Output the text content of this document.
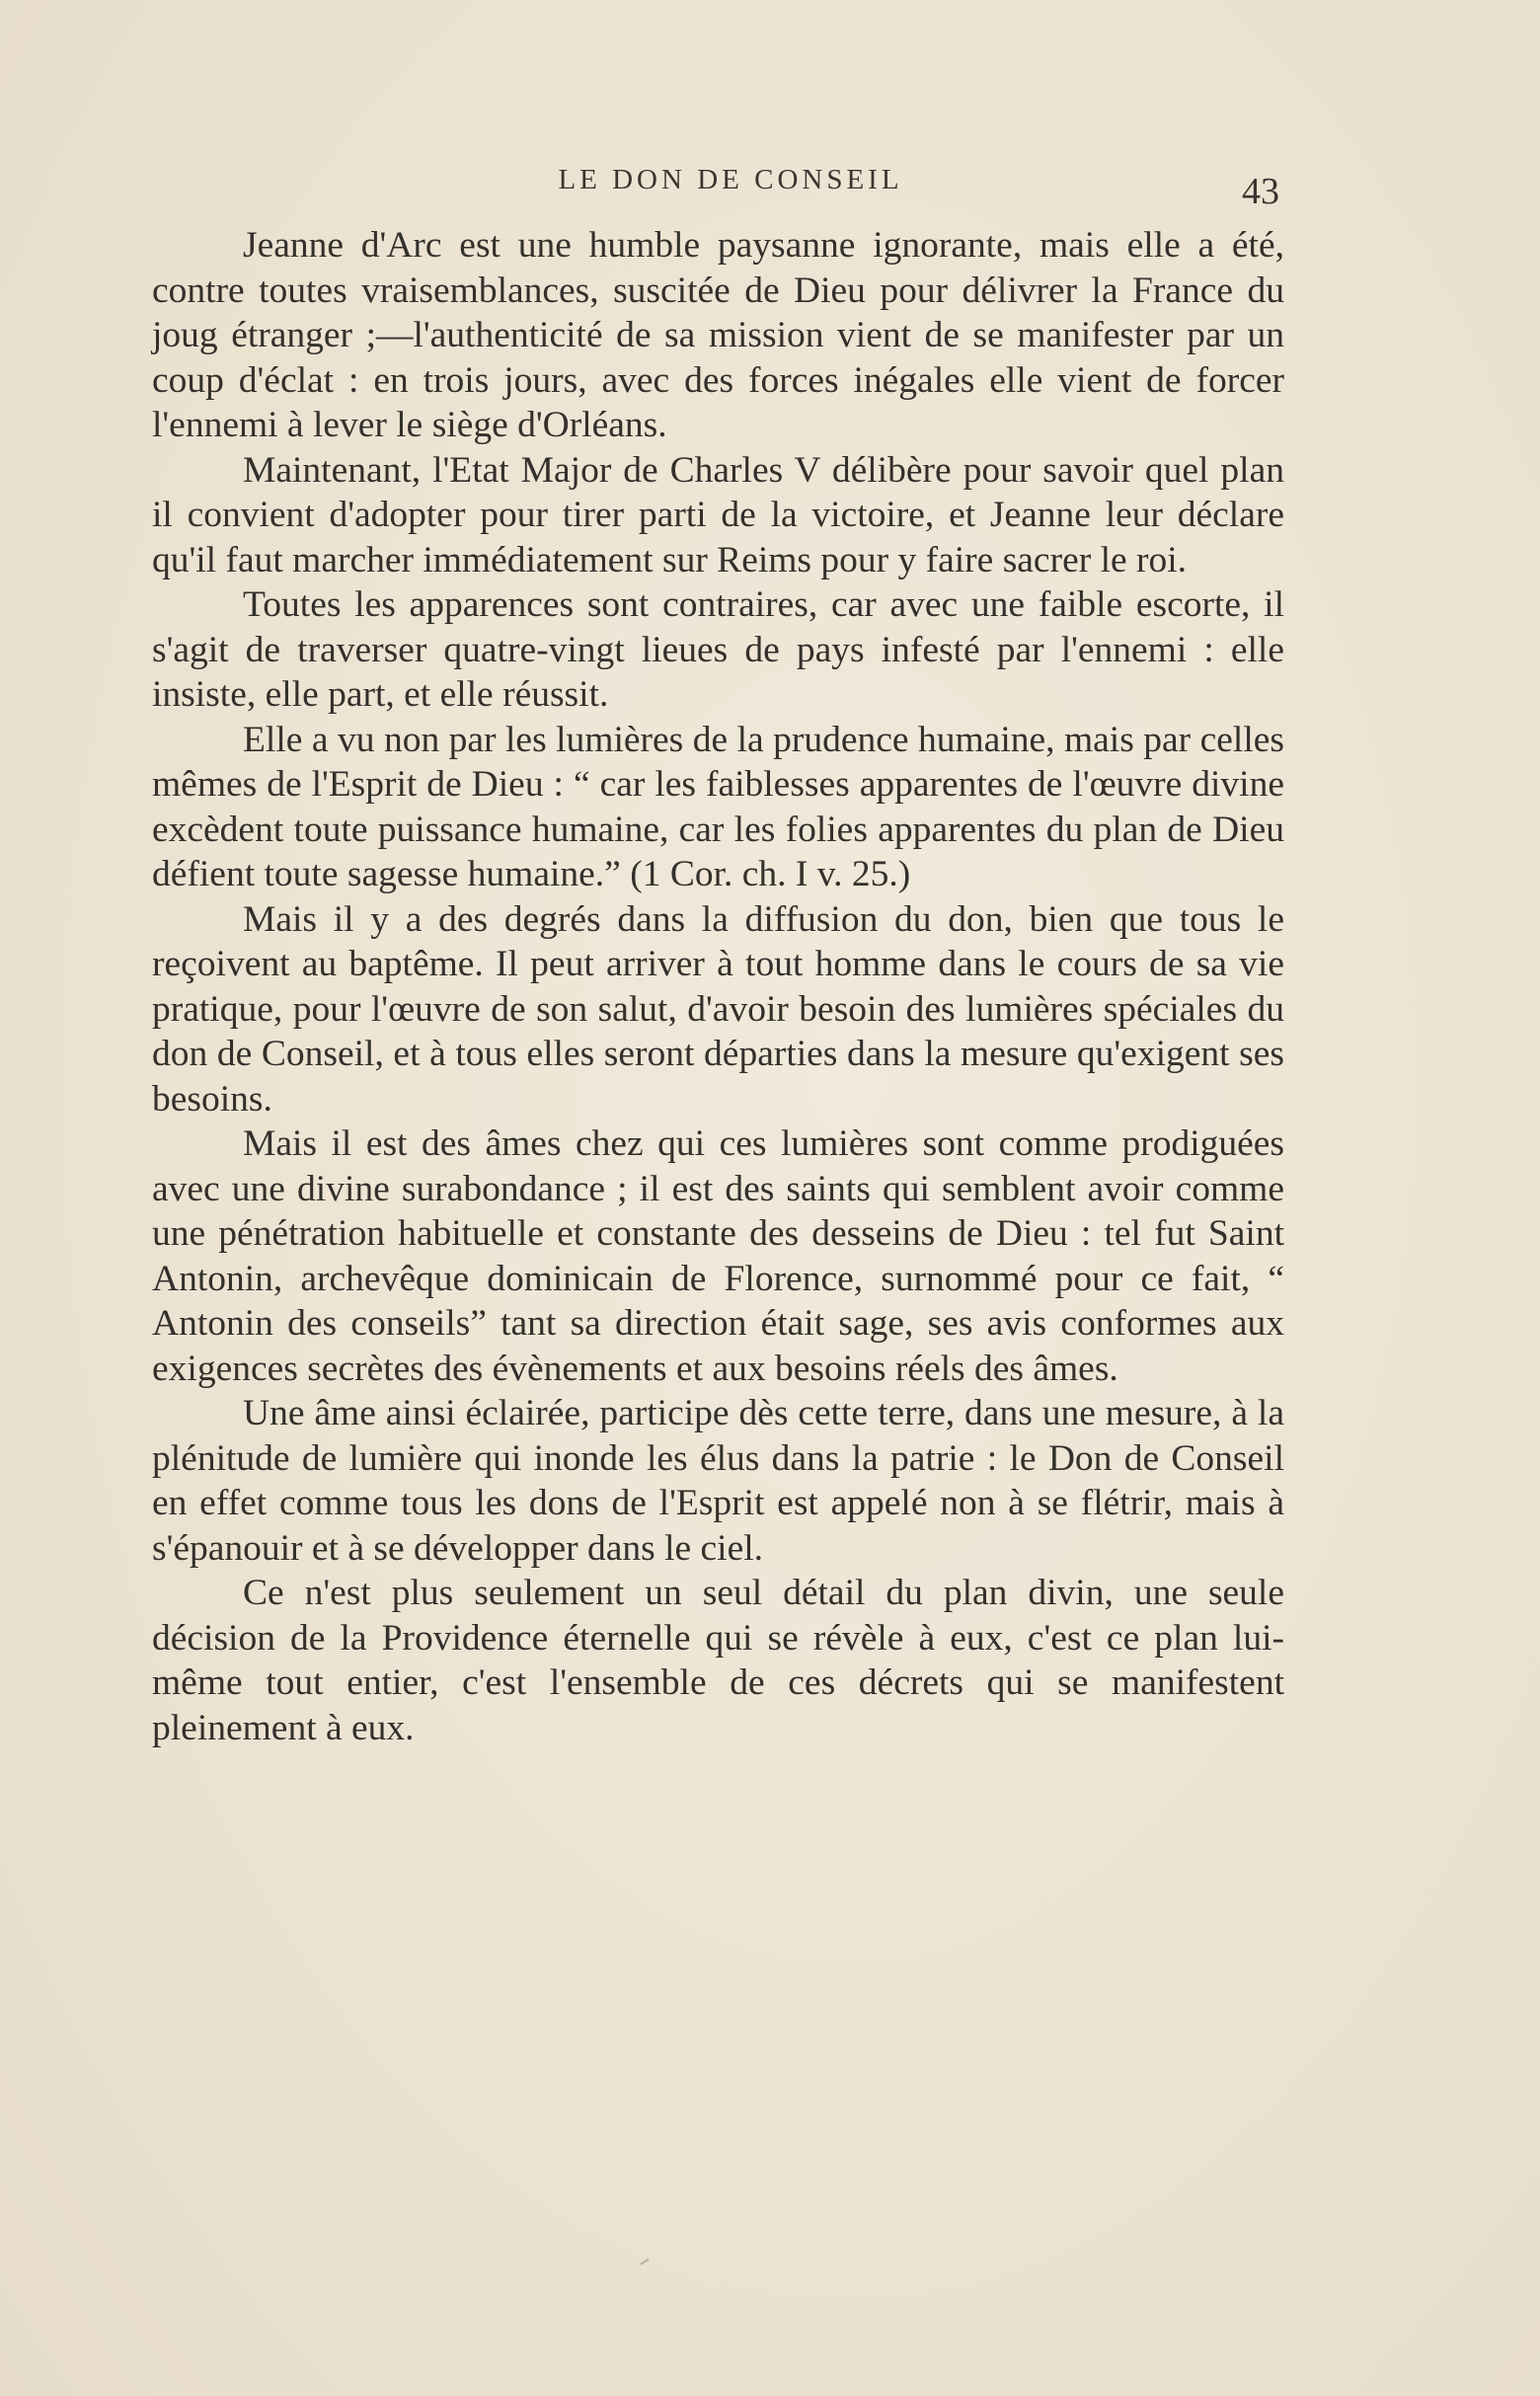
LE DON DE CONSEIL	43

Jeanne d'Arc est une humble paysanne ignorante, mais elle a été, contre toutes vraisemblances, suscitée de Dieu pour délivrer la France du joug étranger ;—l'authenticité de sa mission vient de se manifester par un coup d'éclat : en trois jours, avec des forces inégales elle vient de forcer l'ennemi à lever le siège d'Orléans.

Maintenant, l'Etat Major de Charles V délibère pour savoir quel plan il convient d'adopter pour tirer parti de la victoire, et Jeanne leur déclare qu'il faut marcher immédiatement sur Reims pour y faire sacrer le roi.

Toutes les apparences sont contraires, car avec une faible escorte, il s'agit de traverser quatre-vingt lieues de pays infesté par l'ennemi : elle insiste, elle part, et elle réussit.

Elle a vu non par les lumières de la prudence humaine, mais par celles mêmes de l'Esprit de Dieu : “ car les faiblesses apparentes de l'œuvre divine excèdent toute puissance humaine, car les folies apparentes du plan de Dieu défient toute sagesse humaine.” (1 Cor. ch. I v. 25.)

Mais il y a des degrés dans la diffusion du don, bien que tous le reçoivent au baptême. Il peut arriver à tout homme dans le cours de sa vie pratique, pour l'œuvre de son salut, d'avoir besoin des lumières spéciales du don de Conseil, et à tous elles seront départies dans la mesure qu'exigent ses besoins.

Mais il est des âmes chez qui ces lumières sont comme prodiguées avec une divine surabondance ; il est des saints qui semblent avoir comme une pénétration habituelle et constante des desseins de Dieu : tel fut Saint Antonin, archevêque dominicain de Florence, surnommé pour ce fait, “ Antonin des conseils” tant sa direction était sage, ses avis conformes aux exigences secrètes des évènements et aux besoins réels des âmes.

Une âme ainsi éclairée, participe dès cette terre, dans une mesure, à la plénitude de lumière qui inonde les élus dans la patrie : le Don de Conseil en effet comme tous les dons de l'Esprit est appelé non à se flétrir, mais à s'épanouir et à se développer dans le ciel.

Ce n'est plus seulement un seul détail du plan divin, une seule décision de la Providence éternelle qui se révèle à eux, c'est ce plan lui-même tout entier, c'est l'ensemble de ces décrets qui se manifestent pleinement à eux.
